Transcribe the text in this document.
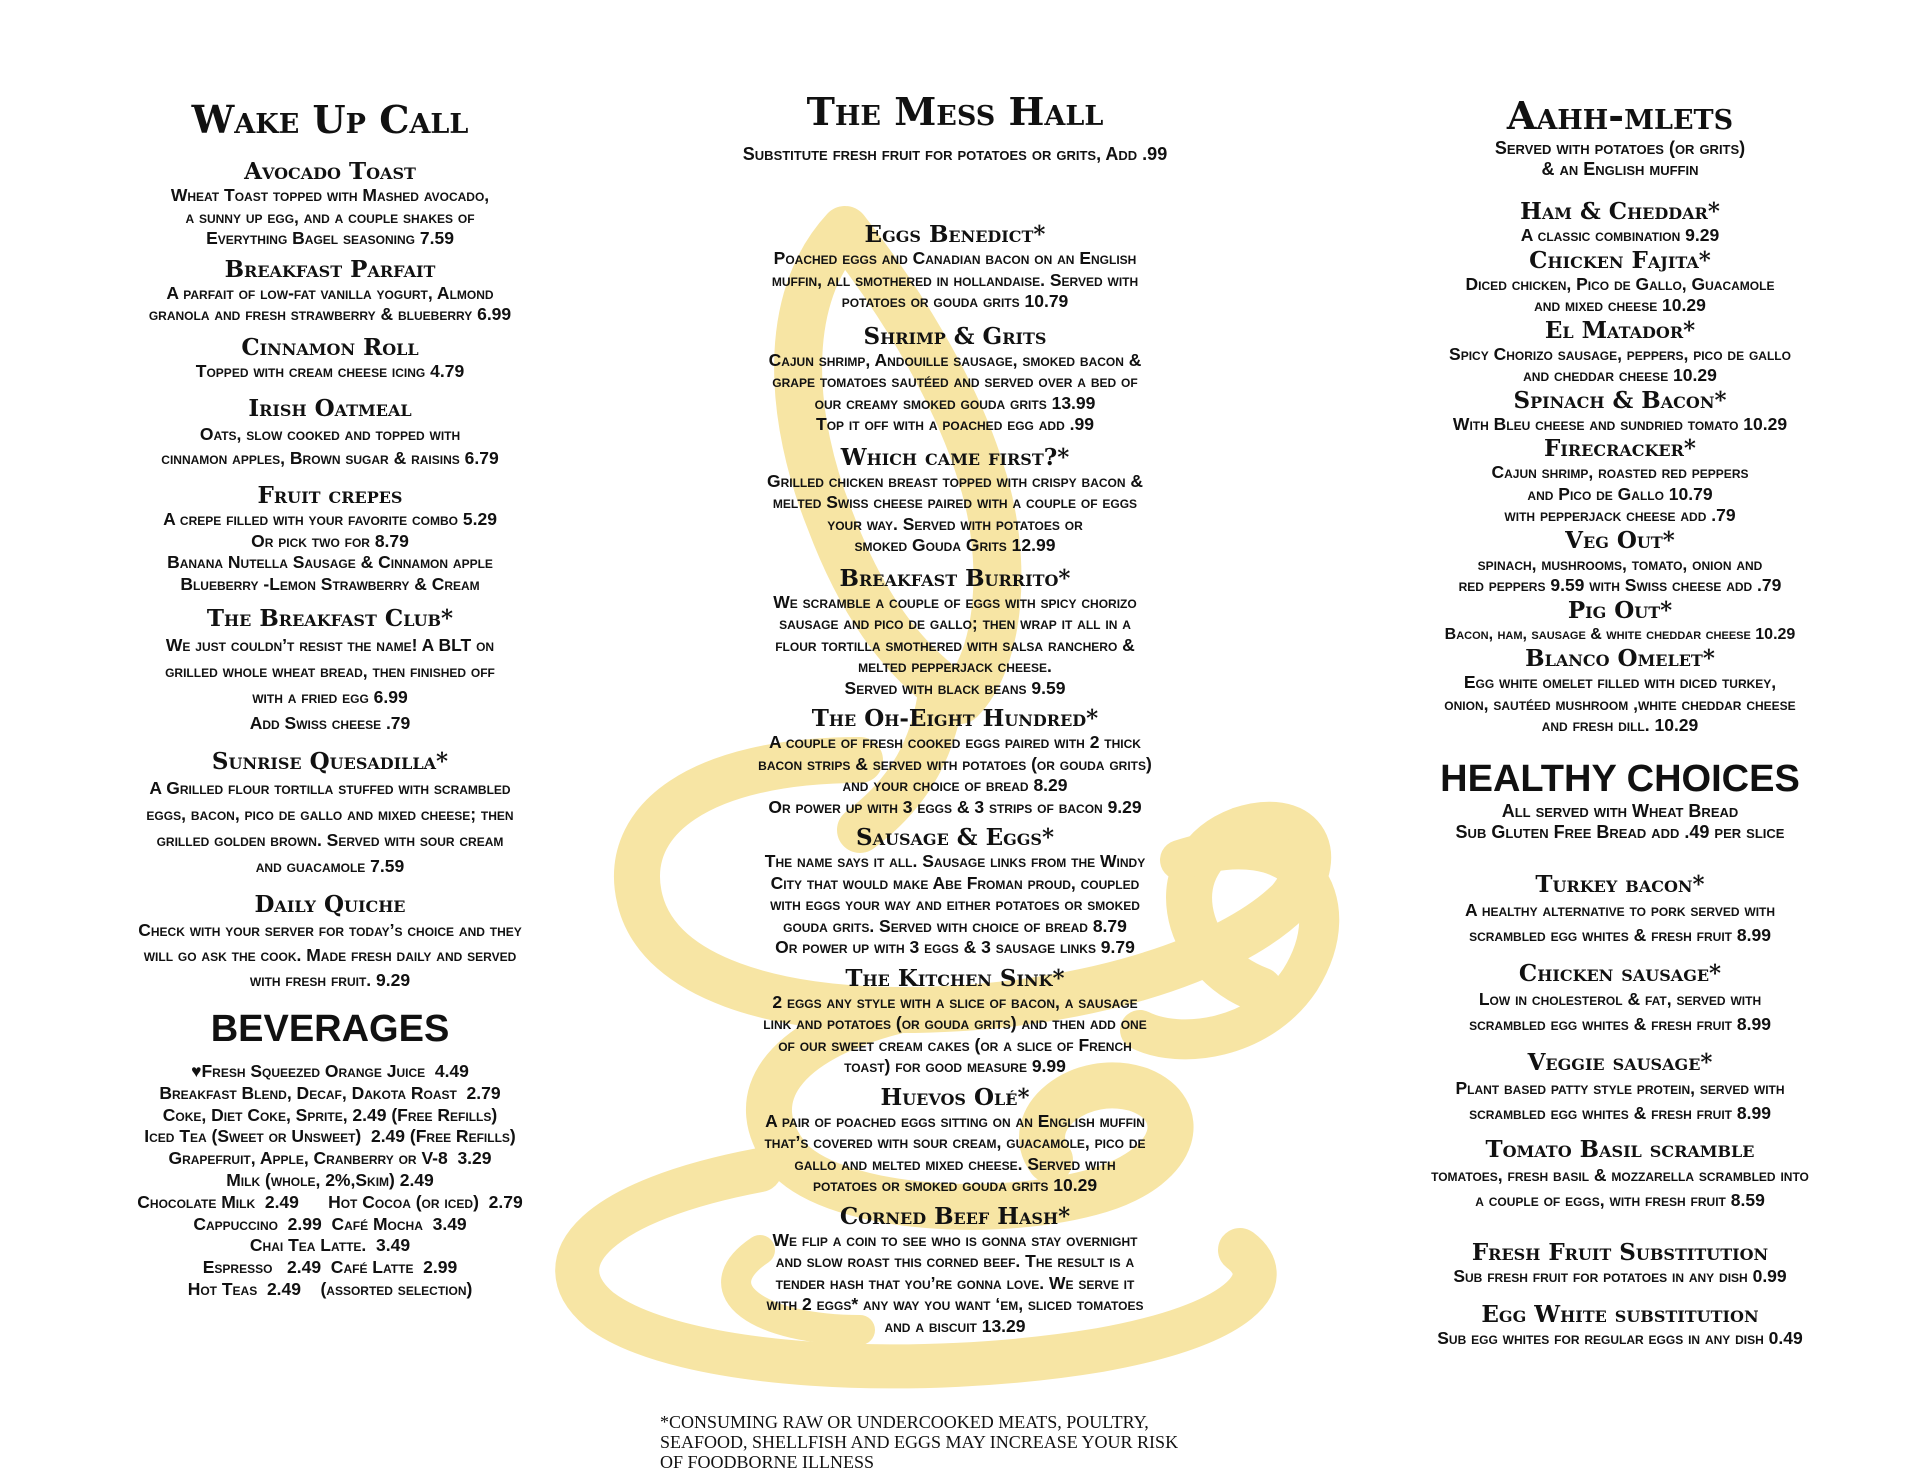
Wake Up Call
Avocado Toast
Wheat Toast topped with Mashed avocado,
a sunny up egg, and a couple shakes of
Everything Bagel seasoning 7.59
Breakfast Parfait
A parfait of low-fat vanilla yogurt, Almond
granola and fresh strawberry & blueberry 6.99
Cinnamon Roll
Topped with cream cheese icing 4.79
Irish Oatmeal
Oats, slow cooked and topped with
cinnamon apples, Brown sugar & raisins 6.79
Fruit crepes
A crepe filled with your favorite combo 5.29
Or pick two for 8.79
Banana Nutella Sausage & Cinnamon apple
Blueberry -Lemon Strawberry & Cream
The Breakfast Club*
We just couldn’t resist the name! A BLT on
grilled whole wheat bread, then finished off
with a fried egg 6.99
Add Swiss cheese .79
Sunrise Quesadilla*
A Grilled flour tortilla stuffed with scrambled
eggs, bacon, pico de gallo and mixed cheese; then
grilled golden brown. Served with sour cream
and guacamole 7.59
Daily Quiche
Check with your server for today’s choice and they
will go ask the cook. Made fresh daily and served
with fresh fruit. 9.29
BEVERAGES
♥Fresh Squeezed Orange Juice  4.49
Breakfast Blend, Decaf, Dakota Roast  2.79
Coke, Diet Coke, Sprite, 2.49 (Free Refills)
Iced Tea (Sweet or Unsweet)  2.49 (Free Refills)
Grapefruit, Apple, Cranberry or V-8  3.29
Milk (whole, 2%,Skim) 2.49
Chocolate Milk  2.49      Hot Cocoa (or iced)  2.79
Cappuccino  2.99  Café Mocha  3.49
Chai Tea Latte.  3.49
Espresso   2.49  Café Latte  2.99
Hot Teas  2.49    (assorted selection)
The Mess Hall
Substitute fresh fruit for potatoes or grits, Add .99
Eggs Benedict*
Poached eggs and Canadian bacon on an English
muffin, all smothered in hollandaise. Served with
potatoes or gouda grits 10.79
Shrimp & Grits
Cajun shrimp, Andouille sausage, smoked bacon &
grape tomatoes sautéed and served over a bed of
our creamy smoked gouda grits 13.99
Top it off with a poached egg add .99
Which came first?*
Grilled chicken breast topped with crispy bacon &
melted Swiss cheese paired with a couple of eggs
your way. Served with potatoes or
smoked Gouda Grits 12.99
Breakfast Burrito*
We scramble a couple of eggs with spicy chorizo
sausage and pico de gallo; then wrap it all in a
flour tortilla smothered with salsa ranchero &
melted pepperjack cheese.
Served with black beans 9.59
The Oh-Eight Hundred*
A couple of fresh cooked eggs paired with 2 thick
bacon strips & served with potatoes (or gouda grits)
and your choice of bread 8.29
Or power up with 3 eggs & 3 strips of bacon 9.29
Sausage & Eggs*
The name says it all. Sausage links from the Windy
City that would make Abe Froman proud, coupled
with eggs your way and either potatoes or smoked
gouda grits. Served with choice of bread 8.79
Or power up with 3 eggs & 3 sausage links 9.79
The Kitchen Sink*
2 eggs any style with a slice of bacon, a sausage
link and potatoes (or gouda grits) and then add one
of our sweet cream cakes (or a slice of French
toast) for good measure 9.99
Huevos Olé*
A pair of poached eggs sitting on an English muffin
that’s covered with sour cream, guacamole, pico de
gallo and melted mixed cheese. Served with
potatoes or smoked gouda grits 10.29
Corned Beef Hash*
We flip a coin to see who is gonna stay overnight
and slow roast this corned beef. The result is a
tender hash that you’re gonna love. We serve it
with 2 eggs* any way you want ‘em, sliced tomatoes
and a biscuit 13.29
*CONSUMING RAW OR UNDERCOOKED MEATS, POULTRY,
SEAFOOD, SHELLFISH AND EGGS MAY INCREASE YOUR RISK
OF FOODBORNE ILLNESS
Aahh-mlets
Served with potatoes (or grits)
& an English muffin
Ham & Cheddar*
A classic combination 9.29
Chicken Fajita*
Diced chicken, Pico de Gallo, Guacamole
and mixed cheese 10.29
El Matador*
Spicy Chorizo sausage, peppers, pico de gallo
and cheddar cheese 10.29
Spinach & Bacon*
With Bleu cheese and sundried tomato 10.29
Firecracker*
Cajun shrimp, roasted red peppers
and Pico de Gallo 10.79
with pepperjack cheese add .79
Veg Out*
spinach, mushrooms, tomato, onion and
red peppers 9.59 with Swiss cheese add .79
Pig Out*
Bacon, ham, sausage & white cheddar cheese 10.29
Blanco Omelet*
Egg white omelet filled with diced turkey,
onion, sautéed mushroom ,white cheddar cheese
and fresh dill. 10.29
HEALTHY CHOICES
All served with Wheat Bread
Sub Gluten Free Bread add .49 per slice
Turkey bacon*
A healthy alternative to pork served with
scrambled egg whites & fresh fruit 8.99
Chicken sausage*
Low in cholesterol & fat, served with
scrambled egg whites & fresh fruit 8.99
Veggie sausage*
Plant based patty style protein, served with
scrambled egg whites & fresh fruit 8.99
Tomato Basil scramble
tomatoes, fresh basil & mozzarella scrambled into
a couple of eggs, with fresh fruit 8.59
Fresh Fruit Substitution
Sub fresh fruit for potatoes in any dish 0.99
Egg White substitution
Sub egg whites for regular eggs in any dish 0.49
